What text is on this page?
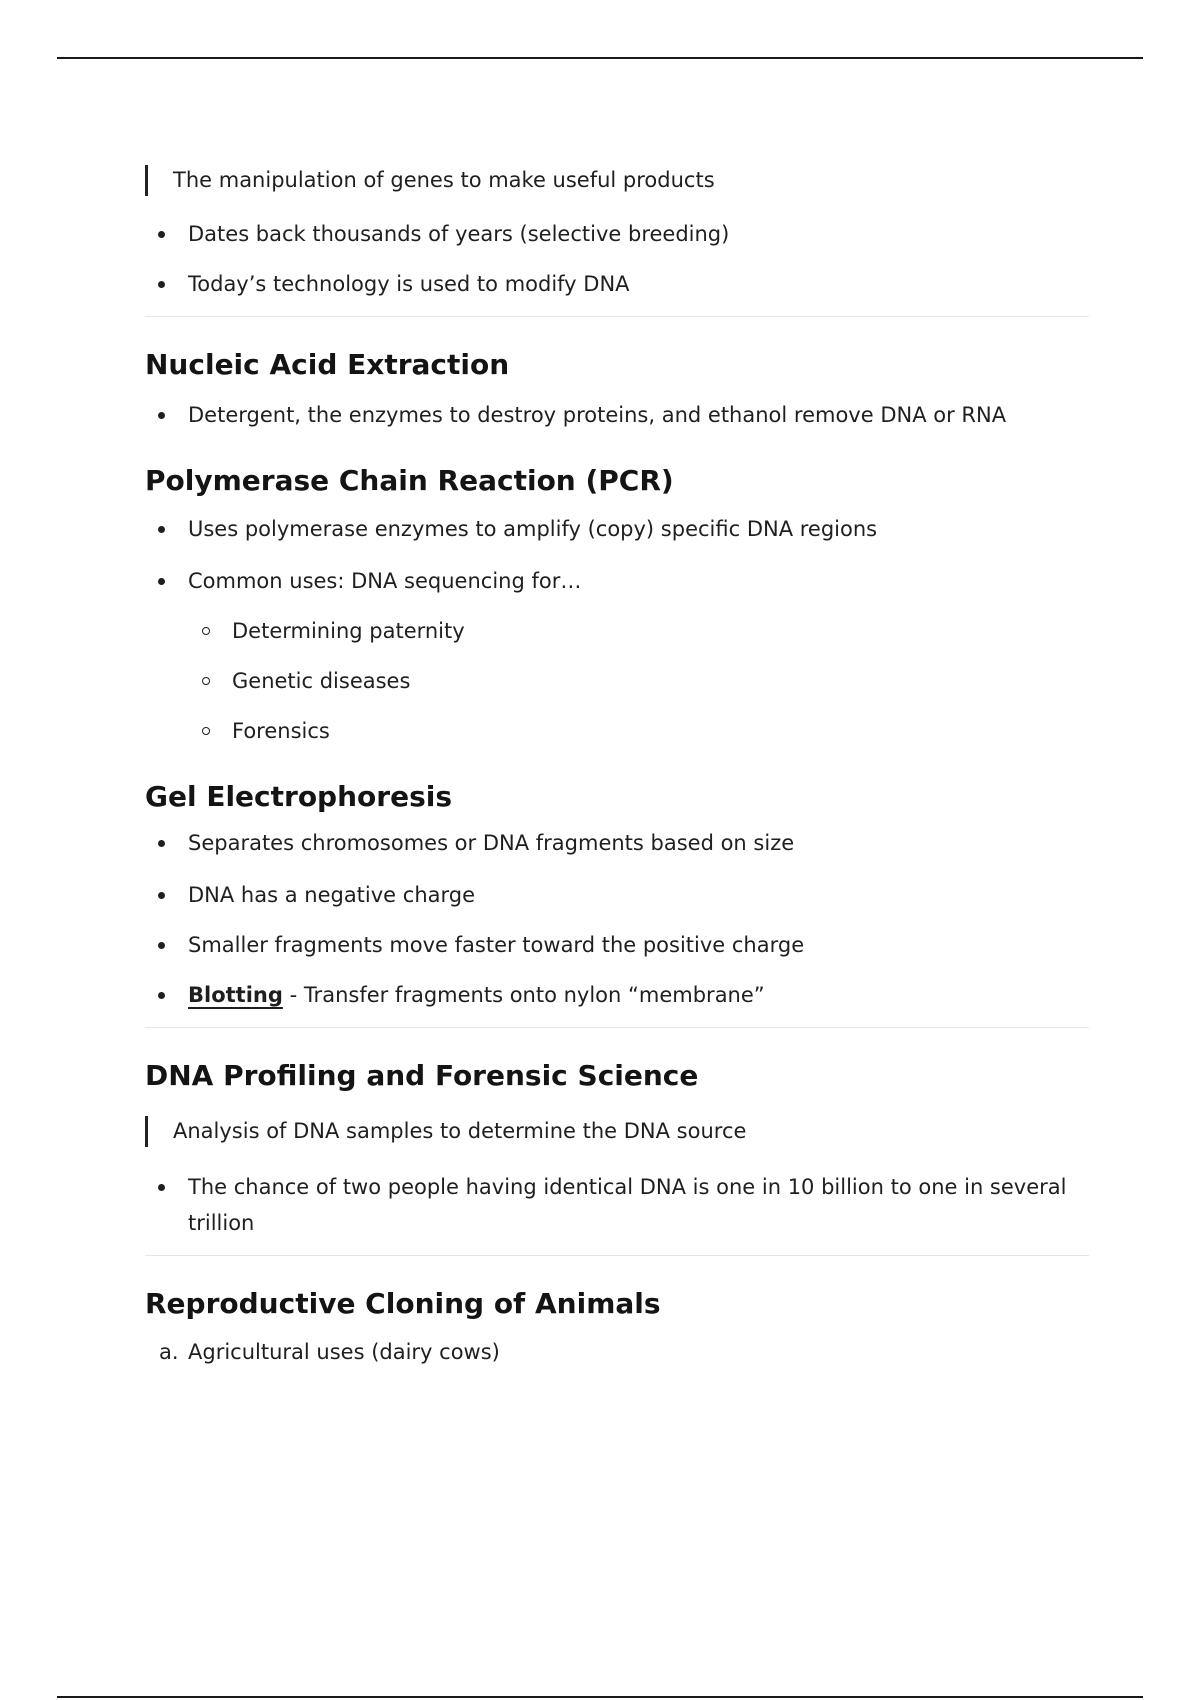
The manipulation of genes to make useful products

Dates back thousands of years (selective breeding)
Today’s technology is used to modify DNA
Nucleic Acid Extraction
Detergent, the enzymes to destroy proteins, and ethanol remove DNA or RNA
Polymerase Chain Reaction (PCR)
Uses polymerase enzymes to amplify (copy) specific DNA regions
Common uses: DNA sequencing for…
Determining paternity
Genetic diseases
Forensics
Gel Electrophoresis
Separates chromosomes or DNA fragments based on size
DNA has a negative charge
Smaller fragments move faster toward the positive charge
Blotting - Transfer fragments onto nylon “membrane”
DNA Profiling and Forensic Science

Analysis of DNA samples to determine the DNA source

The chance of two people having identical DNA is one in 10 billion to one in several trillion
Reproductive Cloning of Animals
a. Agricultural uses (dairy cows)
